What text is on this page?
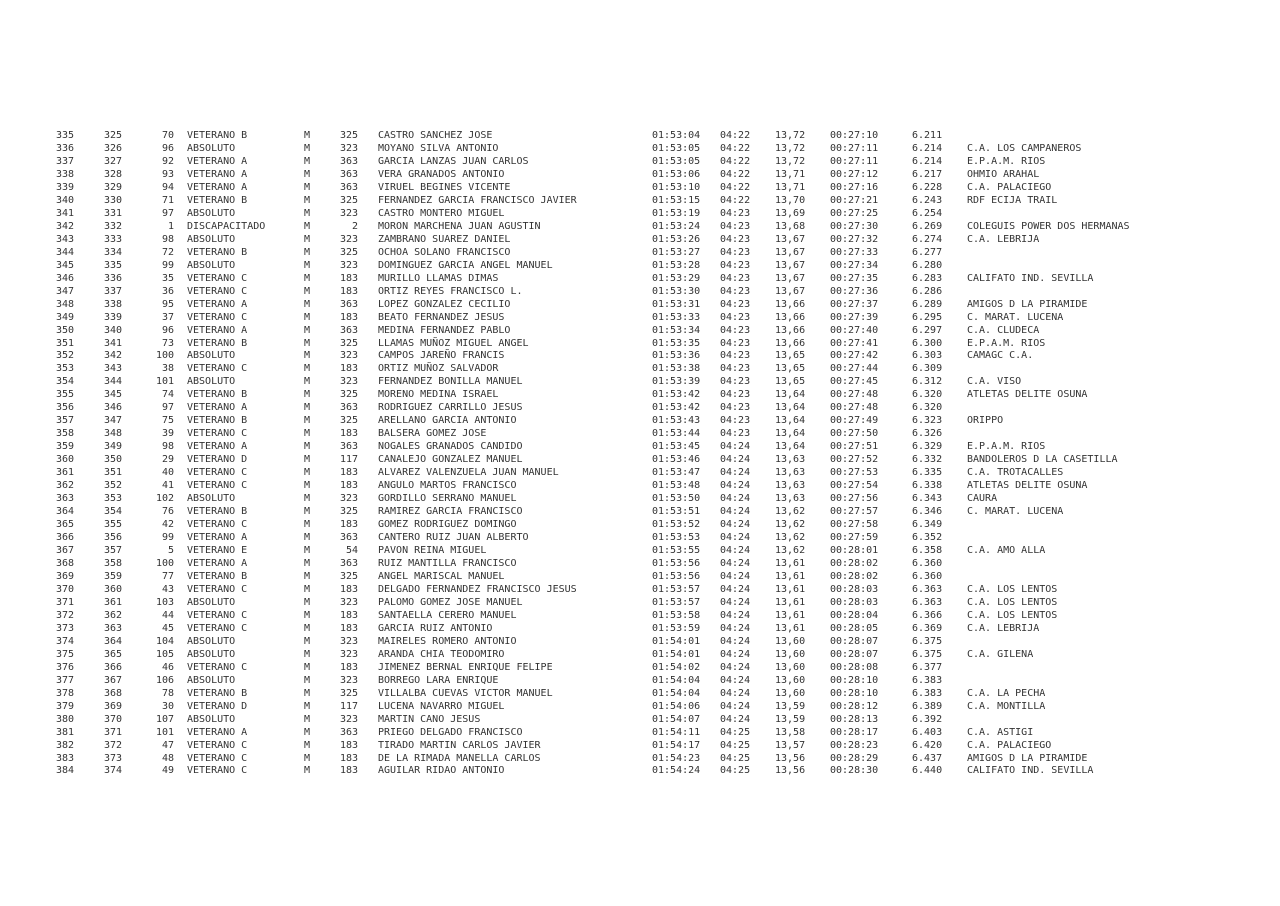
335	325	70 VETERANO B	M	325 CASTRO SANCHEZ JOSE	01:53:04 04:22 13,72 00:27:10	6.211
336	326	96 ABSOLUTO	M	323 MOYANO SILVA ANTONIO	01:53:05 04:22 13,72 00:27:11	6.214 C.A. LOS CAMPANEROS
337	327	92 VETERANO A	M	363 GARCIA LANZAS JUAN CARLOS	01:53:05 04:22 13,72 00:27:11	6.214 E.P.A.M. RIOS
338	328	93 VETERANO A	M	363 VERA GRANADOS ANTONIO	01:53:06 04:22 13,71 00:27:12	6.217 OHMIO ARAHAL
339	329	94 VETERANO A	M	363 VIRUEL BEGINES VICENTE	01:53:10 04:22 13,71 00:27:16	6.228 C.A. PALACIEGO
340	330	71 VETERANO B	M	325 FERNANDEZ GARCIA FRANCISCO JAVIER	01:53:15 04:22 13,70 00:27:21	6.243 RDF ECIJA TRAIL
341	331	97 ABSOLUTO	M	323 CASTRO MONTERO MIGUEL	01:53:19 04:23 13,69 00:27:25	6.254
342	332	1 DISCAPACITADO	M	2 MORON MARCHENA JUAN AGUSTIN	01:53:24 04:23 13,68 00:27:30	6.269 COLEGUIS POWER DOS HERMANAS
343	333	98 ABSOLUTO	M	323 ZAMBRANO SUAREZ DANIEL	01:53:26 04:23 13,67 00:27:32	6.274 C.A. LEBRIJA
344	334	72 VETERANO B	M	325 OCHOA SOLANO FRANCISCO	01:53:27 04:23 13,67 00:27:33	6.277
345	335	99 ABSOLUTO	M	323 DOMINGUEZ GARCIA ANGEL MANUEL	01:53:28 04:23 13,67 00:27:34	6.280
346	336	35 VETERANO C	M	183 MURILLO LLAMAS DIMAS	01:53:29 04:23 13,67 00:27:35	6.283 CALIFATO IND. SEVILLA
347	337	36 VETERANO C	M	183 ORTIZ REYES FRANCISCO L.	01:53:30 04:23 13,67 00:27:36	6.286
348	338	95 VETERANO A	M	363 LOPEZ GONZALEZ CECILIO	01:53:31 04:23 13,66 00:27:37	6.289 AMIGOS D LA PIRAMIDE
349	339	37 VETERANO C	M	183 BEATO FERNANDEZ JESUS	01:53:33 04:23 13,66 00:27:39	6.295 C. MARAT. LUCENA
350	340	96 VETERANO A	M	363 MEDINA FERNANDEZ PABLO	01:53:34 04:23 13,66 00:27:40	6.297 C.A. CLUDECA
351	341	73 VETERANO B	M	325 LLAMAS MUÑOZ MIGUEL ANGEL	01:53:35 04:23 13,66 00:27:41	6.300 E.P.A.M. RIOS
352	342	100 ABSOLUTO	M	323 CAMPOS JAREÑO FRANCIS	01:53:36 04:23 13,65 00:27:42	6.303 CAMAGC C.A.
353	343	38 VETERANO C	M	183 ORTIZ MUÑOZ SALVADOR	01:53:38 04:23 13,65 00:27:44	6.309
354	344	101 ABSOLUTO	M	323 FERNANDEZ BONILLA MANUEL	01:53:39 04:23 13,65 00:27:45	6.312 C.A. VISO
355	345	74 VETERANO B	M	325 MORENO MEDINA ISRAEL	01:53:42 04:23 13,64 00:27:48	6.320 ATLETAS DELITE OSUNA
356	346	97 VETERANO A	M	363 RODRIGUEZ CARRILLO JESUS	01:53:42 04:23 13,64 00:27:48	6.320
357	347	75 VETERANO B	M	325 ARELLANO GARCIA ANTONIO	01:53:43 04:23 13,64 00:27:49	6.323 ORIPPO
358	348	39 VETERANO C	M	183 BALSERA GOMEZ JOSE	01:53:44 04:23 13,64 00:27:50	6.326
359	349	98 VETERANO A	M	363 NOGALES GRANADOS CANDIDO	01:53:45 04:24 13,64 00:27:51	6.329 E.P.A.M. RIOS
360	350	29 VETERANO D	M	117 CANALEJO GONZALEZ MANUEL	01:53:46 04:24 13,63 00:27:52	6.332 BANDOLEROS D LA CASETILLA
361	351	40 VETERANO C	M	183 ALVAREZ VALENZUELA JUAN MANUEL	01:53:47 04:24 13,63 00:27:53	6.335 C.A. TROTACALLES
362	352	41 VETERANO C	M	183 ANGULO MARTOS FRANCISCO	01:53:48 04:24 13,63 00:27:54	6.338 ATLETAS DELITE OSUNA
363	353	102 ABSOLUTO	M	323 GORDILLO SERRANO MANUEL	01:53:50 04:24 13,63 00:27:56	6.343 CAURA
364	354	76 VETERANO B	M	325 RAMIREZ GARCIA FRANCISCO	01:53:51 04:24 13,62 00:27:57	6.346 C. MARAT. LUCENA
365	355	42 VETERANO C	M	183 GOMEZ RODRIGUEZ DOMINGO	01:53:52 04:24 13,62 00:27:58	6.349
366	356	99 VETERANO A	M	363 CANTERO RUIZ JUAN ALBERTO	01:53:53 04:24 13,62 00:27:59	6.352
367	357	5 VETERANO E	M	54 PAVON REINA MIGUEL	01:53:55 04:24 13,62 00:28:01	6.358 C.A. AMO ALLA
368	358	100 VETERANO A	M	363 RUIZ MANTILLA FRANCISCO	01:53:56 04:24 13,61 00:28:02	6.360
369	359	77 VETERANO B	M	325 ANGEL MARISCAL MANUEL	01:53:56 04:24 13,61 00:28:02	6.360
370	360	43 VETERANO C	M	183 DELGADO FERNANDEZ FRANCISCO JESUS	01:53:57 04:24 13,61 00:28:03	6.363 C.A. LOS LENTOS
371	361	103 ABSOLUTO	M	323 PALOMO GOMEZ JOSE MANUEL	01:53:57 04:24 13,61 00:28:03	6.363 C.A. LOS LENTOS
372	362	44 VETERANO C	M	183 SANTAELLA CERERO MANUEL	01:53:58 04:24 13,61 00:28:04	6.366 C.A. LOS LENTOS
373	363	45 VETERANO C	M	183 GARCIA RUIZ ANTONIO	01:53:59 04:24 13,61 00:28:05	6.369 C.A. LEBRIJA
374	364	104 ABSOLUTO	M	323 MAIRELES ROMERO ANTONIO	01:54:01 04:24 13,60 00:28:07	6.375
375	365	105 ABSOLUTO	M	323 ARANDA CHIA TEODOMIRO	01:54:01 04:24 13,60 00:28:07	6.375 C.A. GILENA
376	366	46 VETERANO C	M	183 JIMENEZ BERNAL ENRIQUE FELIPE	01:54:02 04:24 13,60 00:28:08	6.377
377	367	106 ABSOLUTO	M	323 BORREGO LARA ENRIQUE	01:54:04 04:24 13,60 00:28:10	6.383
378	368	78 VETERANO B	M	325 VILLALBA CUEVAS VICTOR MANUEL	01:54:04 04:24 13,60 00:28:10	6.383 C.A. LA PECHA
379	369	30 VETERANO D	M	117 LUCENA NAVARRO MIGUEL	01:54:06 04:24 13,59 00:28:12	6.389 C.A. MONTILLA
380	370	107 ABSOLUTO	M	323 MARTIN CANO JESUS	01:54:07 04:24 13,59 00:28:13	6.392
381	371	101 VETERANO A	M	363 PRIEGO DELGADO FRANCISCO	01:54:11 04:25 13,58 00:28:17	6.403 C.A. ASTIGI
382	372	47 VETERANO C	M	183 TIRADO MARTIN CARLOS JAVIER	01:54:17 04:25 13,57 00:28:23	6.420 C.A. PALACIEGO
383	373	48 VETERANO C	M	183 DE LA RIMADA MANELLA CARLOS	01:54:23 04:25 13,56 00:28:29	6.437 AMIGOS D LA PIRAMIDE
384	374	49 VETERANO C	M	183 AGUILAR RIDAO ANTONIO	01:54:24 04:25 13,56 00:28:30	6.440 CALIFATO IND. SEVILLA
